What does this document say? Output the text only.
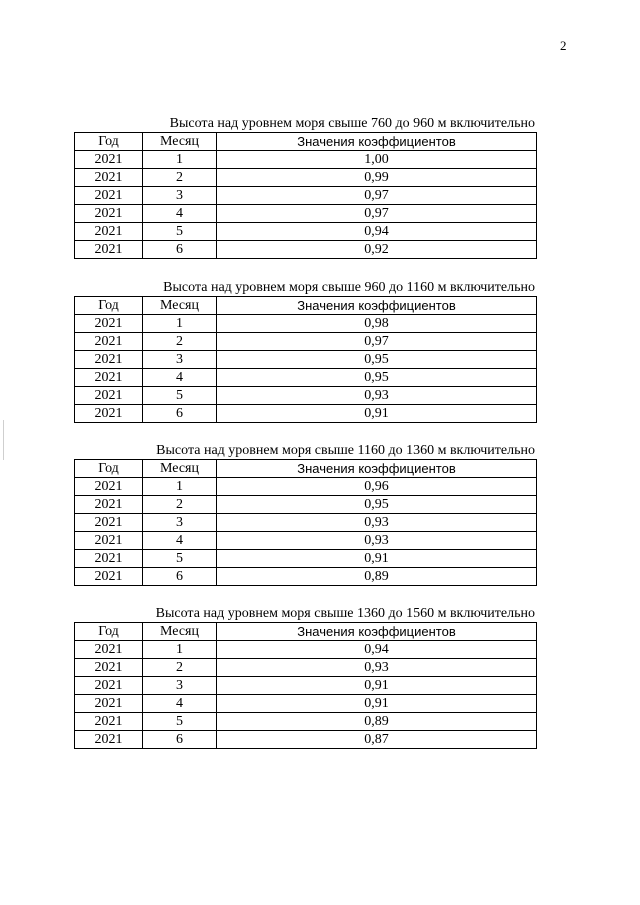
2
Высота над уровнем моря свыше 760 до 960 м включительно
Год	Месяц	Значения коэффициентов
2021	1	1,00
2021	2	0,99
2021	3	0,97
2021	4	0,97
2021	5	0,94
2021	6	0,92
Высота над уровнем моря свыше 960 до 1160 м включительно
Год	Месяц	Значения коэффициентов
2021	1	0,98
2021	2	0,97
2021	3	0,95
2021	4	0,95
2021	5	0,93
2021	6	0,91
Высота над уровнем моря свыше 1160 до 1360 м включительно
Год	Месяц	Значения коэффициентов
2021	1	0,96
2021	2	0,95
2021	3	0,93
2021	4	0,93
2021	5	0,91
2021	6	0,89
Высота над уровнем моря свыше 1360 до 1560 м включительно
Год	Месяц	Значения коэффициентов
2021	1	0,94
2021	2	0,93
2021	3	0,91
2021	4	0,91
2021	5	0,89
2021	6	0,87
